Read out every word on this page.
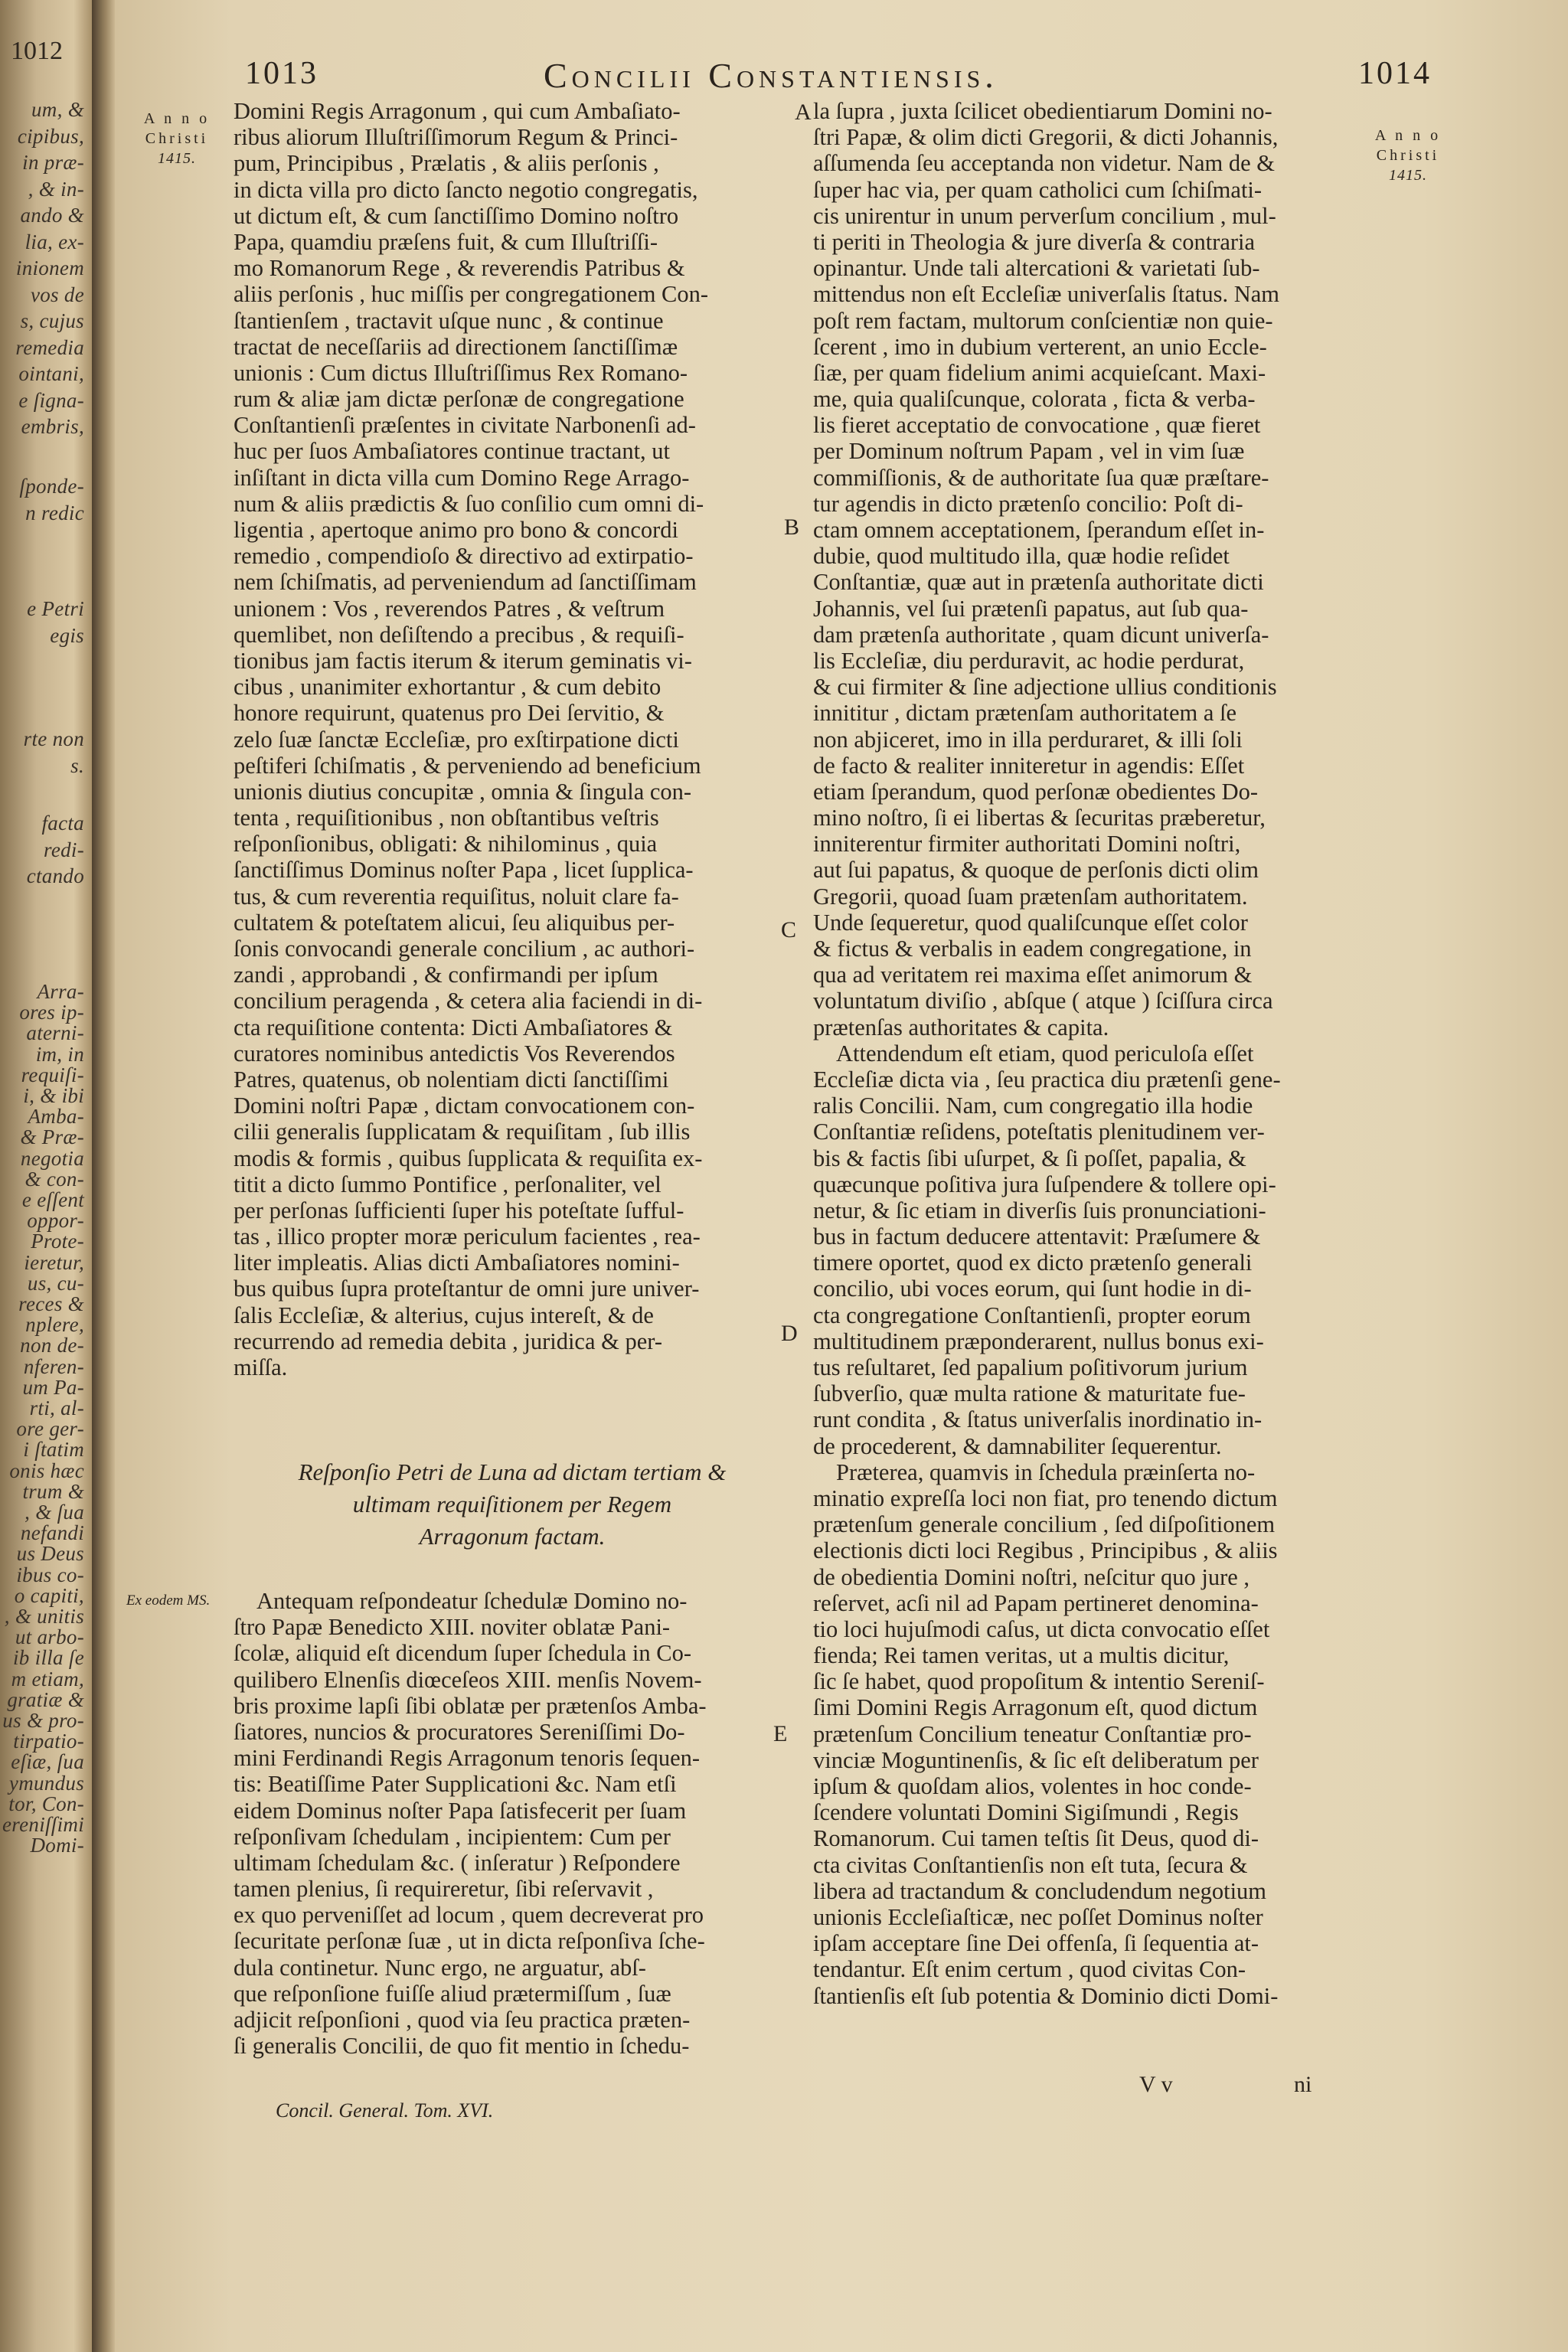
1012
um, &
cipibus,
in præ-
, & in-
ando &
lia, ex-
inionem
vos de
s, cujus
remedia
ointani,
e ſigna-
embris,
ſponde-
n redic
e Petri
egis
rte non
s.
facta
redi-
ctando
Arra-
ores ip-
aterni-
im, in
requiſi-
i, & ibi
Amba-
& Præ-
negotia
& con-
e eſſent
oppor-
Prote-
ieretur,
us, cu-
reces &
nplere,
non de-
nferen-
um Pa-
rti, al-
ore ger-
i ſtatim
onis hæc
trum &
, & ſua
nefandi
us Deus
ibus co-
o capiti,
, & unitis
ut arbo-
ib illa ſe
m etiam,
gratiæ &
us & pro-
tirpatio-
eſiæ, ſua
ymundus
tor, Con-
ereniſſimi
Domi-
1013	Concilii Constantiensis.	1014
A n n o
Christi
1415.
A n n o
Christi
1415.
Ex eodem MS.
Domini Regis Arragonum , qui cum Ambaſiato-
ribus aliorum Illuſtriſſimorum Regum & Princi-
pum, Principibus , Prælatis , & aliis perſonis ,
in dicta villa pro dicto ſancto negotio congregatis,
ut dictum eſt, & cum ſanctiſſimo Domino noſtro
Papa, quamdiu præſens fuit, & cum Illuſtriſſi-
mo Romanorum Rege , & reverendis Patribus &
aliis perſonis , huc miſſis per congregationem Con-
ſtantienſem , tractavit uſque nunc , & continue
tractat de neceſſariis ad directionem ſanctiſſimæ
unionis : Cum dictus Illuſtriſſimus Rex Romano-
rum & aliæ jam dictæ perſonæ de congregatione
Conſtantienſi præſentes in civitate Narbonenſi ad-
huc per ſuos Ambaſiatores continue tractant, ut
inſiſtant in dicta villa cum Domino Rege Arrago-
num & aliis prædictis & ſuo conſilio cum omni di-
ligentia , apertoque animo pro bono & concordi
remedio , compendioſo & directivo ad extirpatio-
nem ſchiſmatis, ad perveniendum ad ſanctiſſimam
unionem : Vos , reverendos Patres , & veſtrum
quemlibet, non deſiſtendo a precibus , & requiſi-
tionibus jam factis iterum & iterum geminatis vi-
cibus , unanimiter exhortantur , & cum debito
honore requirunt, quatenus pro Dei ſervitio, &
zelo ſuæ ſanctæ Eccleſiæ, pro exſtirpatione dicti
peſtiferi ſchiſmatis , & perveniendo ad beneficium
unionis diutius concupitæ , omnia & ſingula con-
tenta , requiſitionibus , non obſtantibus veſtris
reſponſionibus, obligati: & nihilominus , quia
ſanctiſſimus Dominus noſter Papa , licet ſupplica-
tus, & cum reverentia requiſitus, noluit clare fa-
cultatem & poteſtatem alicui, ſeu aliquibus per-
ſonis convocandi generale concilium , ac authori-
zandi , approbandi , & confirmandi per ipſum
concilium peragenda , & cetera alia faciendi in di-
cta requiſitione contenta: Dicti Ambaſiatores &
curatores nominibus antedictis Vos Reverendos
Patres, quatenus, ob nolentiam dicti ſanctiſſimi
Domini noſtri Papæ , dictam convocationem con-
cilii generalis ſupplicatam & requiſitam , ſub illis
modis & formis , quibus ſupplicata & requiſita ex-
titit a dicto ſummo Pontifice , perſonaliter, vel
per perſonas ſufficienti ſuper his poteſtate ſufful-
tas , illico propter moræ periculum facientes , rea-
liter impleatis. Alias dicti Ambaſiatores nomini-
bus quibus ſupra proteſtantur de omni jure univer-
ſalis Eccleſiæ, & alterius, cujus intereſt, & de
recurrendo ad remedia debita , juridica & per-
miſſa.
Reſponſio Petri de Luna ad dictam tertiam &
ultimam requiſitionem per Regem
Arragonum factam.
Antequam reſpondeatur ſchedulæ Domino no-
ſtro Papæ Benedicto XIII. noviter oblatæ Pani-
ſcolæ, aliquid eſt dicendum ſuper ſchedula in Co-
quilibero Elnenſis diœceſeos XIII. menſis Novem-
bris proxime lapſi ſibi oblatæ per prætenſos Amba-
ſiatores, nuncios & procuratores Sereniſſimi Do-
mini Ferdinandi Regis Arragonum tenoris ſequen-
tis: Beatiſſime Pater Supplicationi &c. Nam etſi
eidem Dominus noſter Papa ſatisfecerit per ſuam
reſponſivam ſchedulam , incipientem: Cum per
ultimam ſchedulam &c. ( inſeratur ) Reſpondere
tamen plenius, ſi requireretur, ſibi reſervavit ,
ex quo perveniſſet ad locum , quem decreverat pro
ſecuritate perſonæ ſuæ , ut in dicta reſponſiva ſche-
dula continetur. Nunc ergo, ne arguatur, abſ-
que reſponſione fuiſſe aliud prætermiſſum , ſuæ
adjicit reſponſioni , quod via ſeu practica præten-
ſi generalis Concilii, de quo fit mentio in ſchedu-
la ſupra , juxta ſcilicet obedientiarum Domini no-
ſtri Papæ, & olim dicti Gregorii, & dicti Johannis,
aſſumenda ſeu acceptanda non videtur. Nam de &
ſuper hac via, per quam catholici cum ſchiſmati-
cis unirentur in unum perverſum concilium , mul-
ti periti in Theologia & jure diverſa & contraria
opinantur. Unde tali altercationi & varietati ſub-
mittendus non eſt Eccleſiæ univerſalis ſtatus. Nam
poſt rem factam, multorum conſcientiæ non quie-
ſcerent , imo in dubium verterent, an unio Eccle-
ſiæ, per quam fidelium animi acquieſcant. Maxi-
me, quia qualiſcunque, colorata , ficta & verba-
lis fieret acceptatio de convocatione , quæ fieret
per Dominum noſtrum Papam , vel in vim ſuæ
commiſſionis, & de authoritate ſua quæ præſtare-
tur agendis in dicto prætenſo concilio: Poſt di-
ctam omnem acceptationem, ſperandum eſſet in-
dubie, quod multitudo illa, quæ hodie reſidet
Conſtantiæ, quæ aut in prætenſa authoritate dicti
Johannis, vel ſui prætenſi papatus, aut ſub qua-
dam prætenſa authoritate , quam dicunt univerſa-
lis Eccleſiæ, diu perduravit, ac hodie perdurat,
& cui firmiter & ſine adjectione ullius conditionis
innititur , dictam prætenſam authoritatem a ſe
non abjiceret, imo in illa perduraret, & illi ſoli
de facto & realiter inniteretur in agendis: Eſſet
etiam ſperandum, quod perſonæ obedientes Do-
mino noſtro, ſi ei libertas & ſecuritas præberetur,
inniterentur firmiter authoritati Domini noſtri,
aut ſui papatus, & quoque de perſonis dicti olim
Gregorii, quoad ſuam prætenſam authoritatem.
Unde ſequeretur, quod qualiſcunque eſſet color
& fictus & verbalis in eadem congregatione, in
qua ad veritatem rei maxima eſſet animorum &
voluntatum diviſio , abſque ( atque ) ſciſſura circa
prætenſas authoritates & capita.
Attendendum eſt etiam, quod periculoſa eſſet
Eccleſiæ dicta via , ſeu practica diu prætenſi gene-
ralis Concilii. Nam, cum congregatio illa hodie
Conſtantiæ reſidens, poteſtatis plenitudinem ver-
bis & factis ſibi uſurpet, & ſi poſſet, papalia, &
quæcunque poſitiva jura ſuſpendere & tollere opi-
netur, & ſic etiam in diverſis ſuis pronunciationi-
bus in factum deducere attentavit: Præſumere &
timere oportet, quod ex dicto prætenſo generali
concilio, ubi voces eorum, qui ſunt hodie in di-
cta congregatione Conſtantienſi, propter eorum
multitudinem præponderarent, nullus bonus exi-
tus reſultaret, ſed papalium poſitivorum jurium
ſubverſio, quæ multa ratione & maturitate fue-
runt condita , & ſtatus univerſalis inordinatio in-
de procederent, & damnabiliter ſequerentur.
Præterea, quamvis in ſchedula præinſerta no-
minatio expreſſa loci non fiat, pro tenendo dictum
prætenſum generale concilium , ſed diſpoſitionem
electionis dicti loci Regibus , Principibus , & aliis
de obedientia Domini noſtri, neſcitur quo jure ,
reſervet, acſi nil ad Papam pertineret denomina-
tio loci hujuſmodi caſus, ut dicta convocatio eſſet
fienda; Rei tamen veritas, ut a multis dicitur,
ſic ſe habet, quod propoſitum & intentio Sereniſ-
ſimi Domini Regis Arragonum eſt, quod dictum
prætenſum Concilium teneatur Conſtantiæ pro-
vinciæ Moguntinenſis, & ſic eſt deliberatum per
ipſum & quoſdam alios, volentes in hoc conde-
ſcendere voluntati Domini Sigiſmundi , Regis
Romanorum. Cui tamen teſtis ſit Deus, quod di-
cta civitas Conſtantienſis non eſt tuta, ſecura &
libera ad tractandum & concludendum negotium
unionis Eccleſiaſticæ, nec poſſet Dominus noſter
ipſam acceptare ſine Dei offenſa, ſi ſequentia at-
tendantur. Eſt enim certum , quod civitas Con-
ſtantienſis eſt ſub potentia & Dominio dicti Domi-
A
B
C
D
E
Concil. General. Tom. XVI.
V v	ni
